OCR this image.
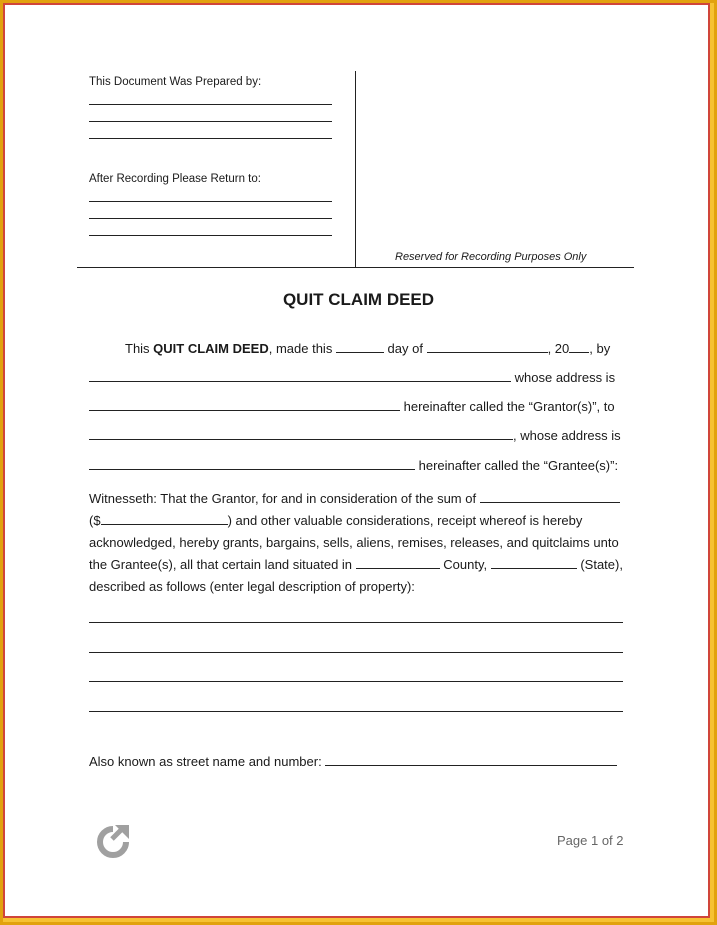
This Document Was Prepared by:
After Recording Please Return to:
Reserved for Recording Purposes Only
QUIT CLAIM DEED
This QUIT CLAIM DEED, made this	day of	, 20 , by
whose address is
hereinafter called the “Grantor(s)”, to
, whose address is
hereinafter called the “Grantee(s)”:
Witnesseth: That the Grantor, for and in consideration of the sum of
($	) and other valuable considerations, receipt whereof is hereby
acknowledged, hereby grants, bargains, sells, aliens, remises, releases, and quitclaims unto
the Grantee(s), all that certain land situated in	County,	(State),
described as follows (enter legal description of property):
Also known as street name and number:
Page 1 of 2
